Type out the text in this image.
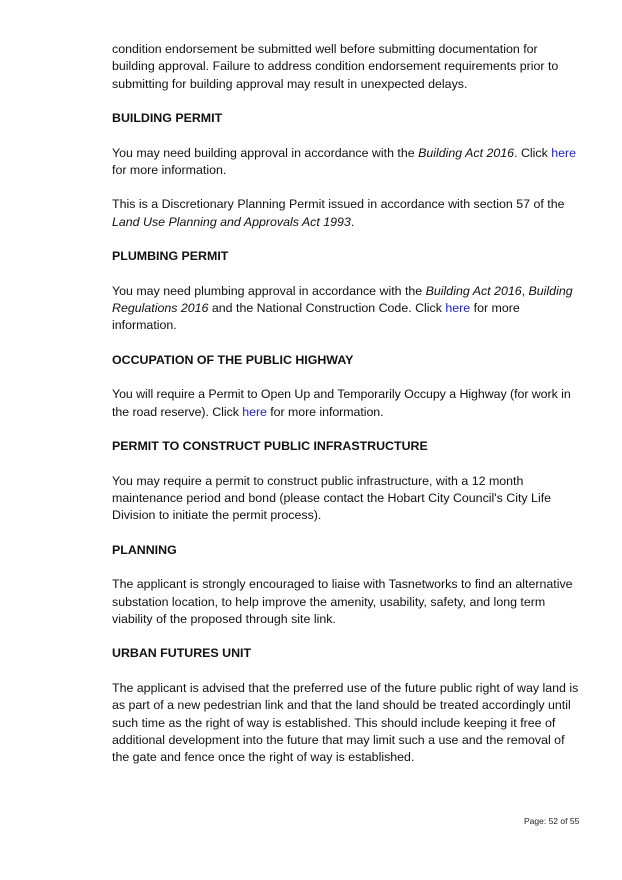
condition endorsement be submitted well before submitting documentation for building approval. Failure to address condition endorsement requirements prior to submitting for building approval may result in unexpected delays.

BUILDING PERMIT

You may need building approval in accordance with the Building Act 2016. Click here for more information.

This is a Discretionary Planning Permit issued in accordance with section 57 of the Land Use Planning and Approvals Act 1993.

PLUMBING PERMIT

You may need plumbing approval in accordance with the Building Act 2016, Building Regulations 2016 and the National Construction Code. Click here for more information.

OCCUPATION OF THE PUBLIC HIGHWAY

You will require a Permit to Open Up and Temporarily Occupy a Highway (for work in the road reserve). Click here for more information.

PERMIT TO CONSTRUCT PUBLIC INFRASTRUCTURE

You may require a permit to construct public infrastructure, with a 12 month maintenance period and bond (please contact the Hobart City Council's City Life Division to initiate the permit process).

PLANNING

The applicant is strongly encouraged to liaise with Tasnetworks to find an alternative substation location, to help improve the amenity, usability, safety, and long term viability of the proposed through site link.

URBAN FUTURES UNIT

The applicant is advised that the preferred use of the future public right of way land is as part of a new pedestrian link and that the land should be treated accordingly until such time as the right of way is established. This should include keeping it free of additional development into the future that may limit such a use and the removal of the gate and fence once the right of way is established.

Page: 52 of 55
